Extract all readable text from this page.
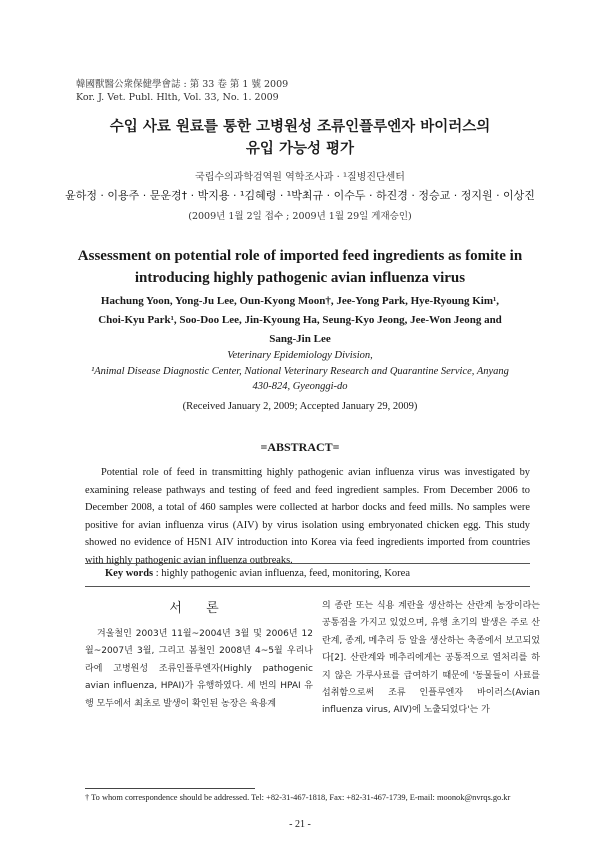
韓國獸醫公衆保健學會誌 : 第 33 卷 第 1 號 2009
Kor. J. Vet. Publ. Hlth, Vol. 33, No. 1. 2009
수입 사료 원료를 통한 고병원성 조류인플루엔자 바이러스의
유입 가능성 평가
국립수의과학검역원 역학조사과 · ¹질병진단센터
윤하정 · 이용주 · 문운경† · 박지용 · ¹김혜령 · ¹박최규 · 이수두 · 하진경 · 정승교 · 정지원 · 이상진
(2009년 1월 2일 접수 ; 2009년 1월 29일 게재승인)
Assessment on potential role of imported feed ingredients as fomite in
introducing highly pathogenic avian influenza virus
Hachung Yoon, Yong-Ju Lee, Oun-Kyong Moon†, Jee-Yong Park, Hye-Ryoung Kim¹,
Choi-Kyu Park¹, Soo-Doo Lee, Jin-Kyoung Ha, Seung-Kyo Jeong, Jee-Won Jeong and
Sang-Jin Lee
Veterinary Epidemiology Division,
¹Animal Disease Diagnostic Center, National Veterinary Research and Quarantine Service, Anyang
430-824, Gyeonggi-do
(Received January 2, 2009; Accepted January 29, 2009)
=ABSTRACT=
Potential role of feed in transmitting highly pathogenic avian influenza virus was investigated by examining release pathways and testing of feed and feed ingredient samples. From December 2006 to December 2008, a total of 460 samples were collected at harbor docks and feed mills. No samples were positive for avian influenza virus (AIV) by virus isolation using embryonated chicken egg. This study showed no evidence of H5N1 AIV introduction into Korea via feed ingredients imported from countries with highly pathogenic avian influenza outbreaks.
Key words : highly pathogenic avian influenza, feed, monitoring, Korea
서 론

겨울철인 2003년 11월~2004년 3월 및 2006년 12월~2007년 3월, 그리고 봄철인 2008년 4~5월 우리나라에 고병원성 조류인플루엔자(Highly pathogenic avian influenza, HPAI)가 유행하였다. 세 번의 HPAI 유행 모두에서 최초로 발생이 확인된 농장은 육용계

의 종란 또는 식용 계란을 생산하는 산란계 농장이라는 공통점을 가지고 있었으며, 유행 초기의 발생은 주로 산란계, 종계, 메추리 등 알을 생산하는 축종에서 보고되었다[2]. 산란계와 메추리에게는 공통적으로 열처리를 하지 않은 가루사료를 급여하기 때문에 '동물들이 사료를 섭취함으로써 조류 인플루엔자 바이러스(Avian influenza virus, AIV)에 노출되었다'는 가

† To whom correspondence should be addressed. Tel: +82-31-467-1818, Fax: +82-31-467-1739, E-mail: moonok@nvrqs.go.kr
- 21 -
